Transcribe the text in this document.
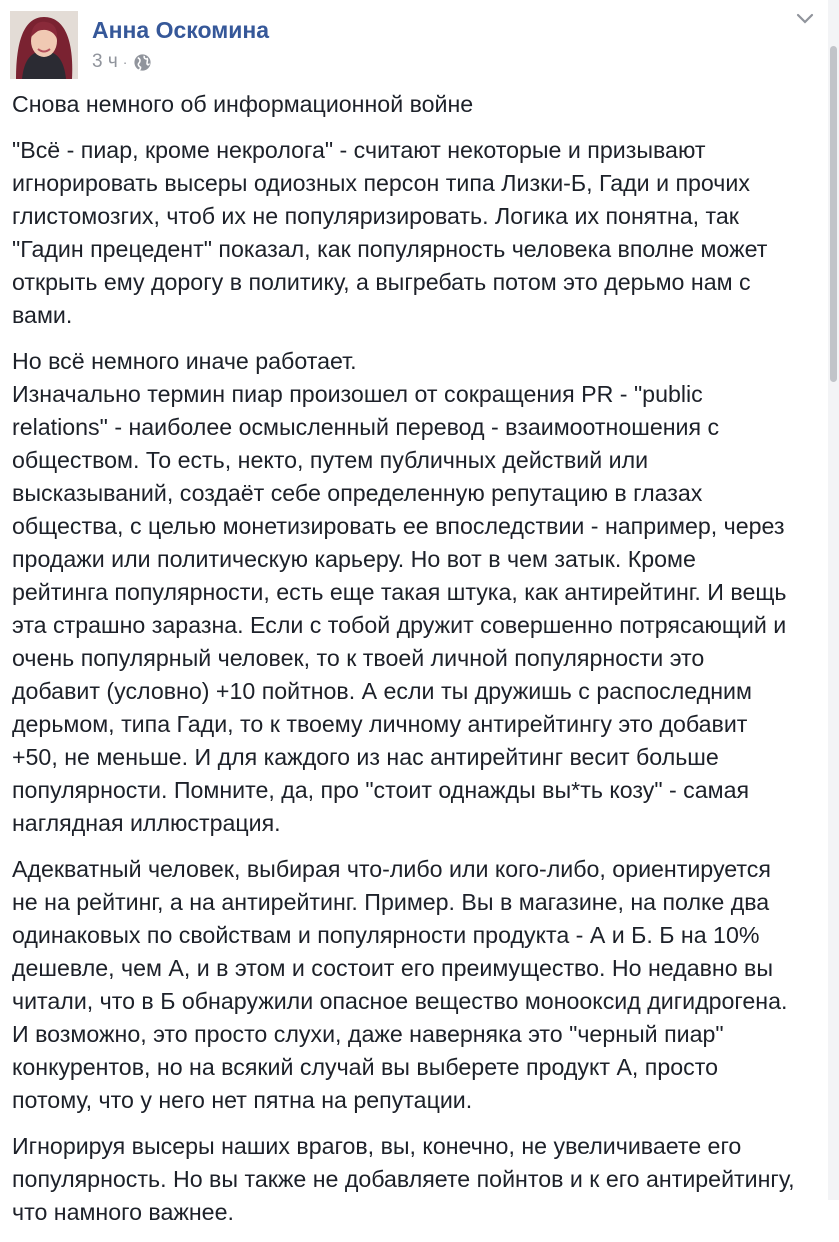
Анна Оскомина
3 ч ·

Снова немного об информационной войне

"Всё - пиар, кроме некролога" - считают некоторые и призывают
игнорировать высеры одиозных персон типа Лизки-Б, Гади и прочих
глистомозгих, чтоб их не популяризировать. Логика их понятна, так
"Гадин прецедент" показал, как популярность человека вполне может
открыть ему дорогу в политику, а выгребать потом это дерьмо нам с
вами.

Но всё немного иначе работает.
Изначально термин пиар произошел от сокращения PR - "public
relations" - наиболее осмысленный перевод - взаимоотношения с
обществом. То есть, некто, путем публичных действий или
высказываний, создаёт себе определенную репутацию в глазах
общества, с целью монетизировать ее впоследствии - например, через
продажи или политическую карьеру. Но вот в чем затык. Кроме
рейтинга популярности, есть еще такая штука, как антирейтинг. И вещь
эта страшно заразна. Если с тобой дружит совершенно потрясающий и
очень популярный человек, то к твоей личной популярности это
добавит (условно) +10 пойтнов. А если ты дружишь с распоследним
дерьмом, типа Гади, то к твоему личному антирейтингу это добавит
+50, не меньше. И для каждого из нас антирейтинг весит больше
популярности. Помните, да, про "стоит однажды вы*ть козу" - самая
наглядная иллюстрация.

Адекватный человек, выбирая что-либо или кого-либо, ориентируется
не на рейтинг, а на антирейтинг. Пример. Вы в магазине, на полке два
одинаковых по свойствам и популярности продукта - А и Б. Б на 10%
дешевле, чем А, и в этом и состоит его преимущество. Но недавно вы
читали, что в Б обнаружили опасное вещество монооксид дигидрогена.
И возможно, это просто слухи, даже наверняка это "черный пиар"
конкурентов, но на всякий случай вы выберете продукт А, просто
потому, что у него нет пятна на репутации.

Игнорируя высеры наших врагов, вы, конечно, не увеличиваете его
популярность. Но вы также не добавляете пойнтов и к его антирейтингу,
что намного важнее.
